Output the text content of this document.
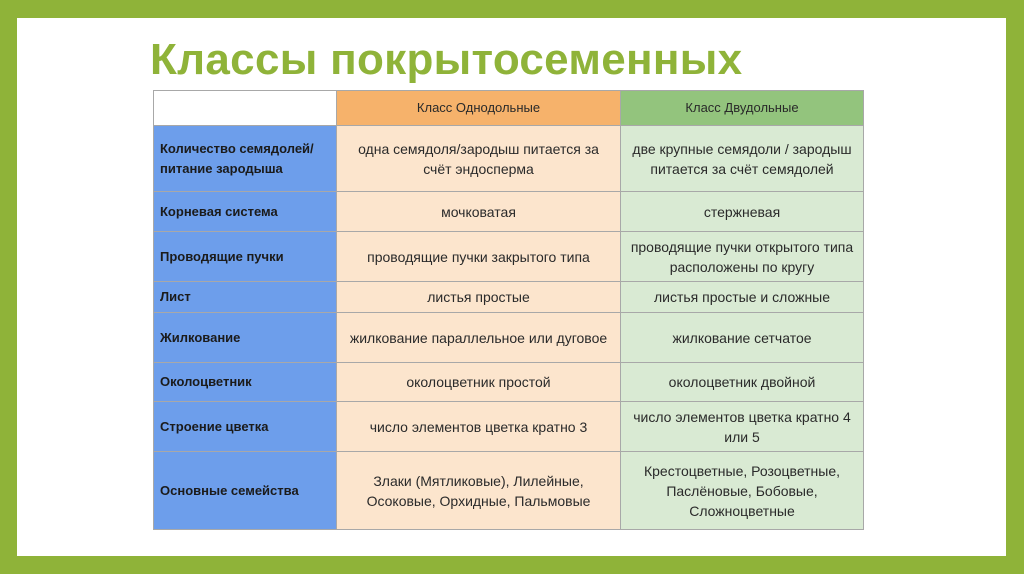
Классы покрытосеменных
	Класс Однодольные	Класс Двудольные
Количество семядолей/ питание зародыша	одна семядоля/зародыш питается за счёт эндосперма	две крупные семядоли / зародыш питается за счёт семядолей
Корневая система	мочковатая	стержневая
Проводящие пучки	проводящие пучки закрытого типа	проводящие пучки открытого типа расположены по кругу
Лист	листья простые	листья простые и сложные
Жилкование	жилкование параллельное или дуговое	жилкование сетчатое
Околоцветник	околоцветник простой	околоцветник двойной
Строение цветка	число элементов цветка кратно 3	число элементов цветка кратно 4 или 5
Основные семейства	Злаки (Мятликовые), Лилейные, Осоковые, Орхидные, Пальмовые	Крестоцветные, Розоцветные, Паслёновые, Бобовые, Сложноцветные
